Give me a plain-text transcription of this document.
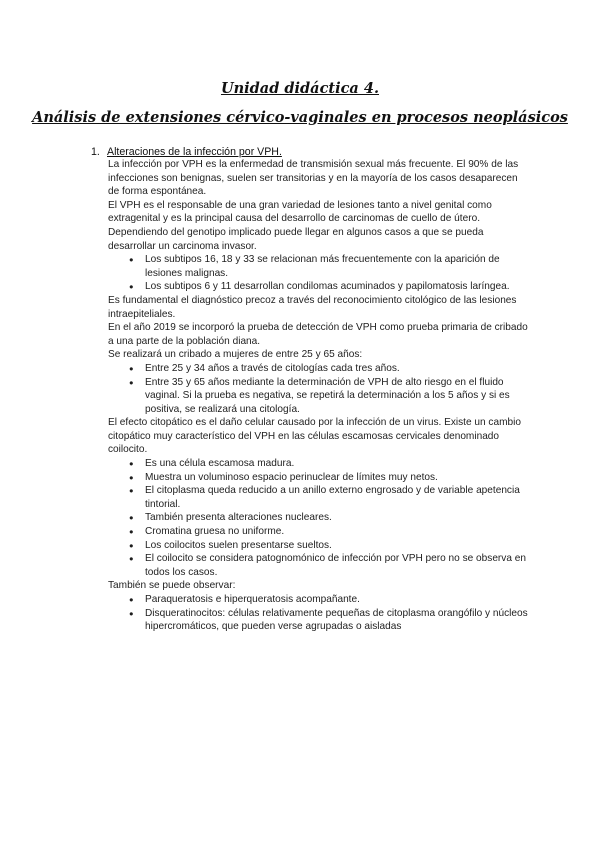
Unidad didáctica 4.
Análisis de extensiones cérvico-vaginales en procesos neoplásicos
1. Alteraciones de la infección por VPH.

La infección por VPH es la enfermedad de transmisión sexual más frecuente. El 90% de las infecciones son benignas, suelen ser transitorias y en la mayoría de los casos desaparecen de forma espontánea.

El VPH es el responsable de una gran variedad de lesiones tanto a nivel genital como extragenital y es la principal causa del desarrollo de carcinomas de cuello de útero.

Dependiendo del genotipo implicado puede llegar en algunos casos a que se pueda desarrollar un carcinoma invasor.

● Los subtipos 16, 18 y 33 se relacionan más frecuentemente con la aparición de lesiones malignas.
● Los subtipos 6 y 11 desarrollan condilomas acuminados y papilomatosis laríngea.

Es fundamental el diagnóstico precoz a través del reconocimiento citológico de las lesiones intraepiteliales.

En el año 2019 se incorporó la prueba de detección de VPH como prueba primaria de cribado a una parte de la población diana.

Se realizará un cribado a mujeres de entre 25 y 65 años:

● Entre 25 y 34 años a través de citologías cada tres años.
● Entre 35 y 65 años mediante la determinación de VPH de alto riesgo en el fluido vaginal. Si la prueba es negativa, se repetirá la determinación a los 5 años y si es positiva, se realizará una citología.

El efecto citopático es el daño celular causado por la infección de un virus. Existe un cambio citopático muy característico del VPH en las células escamosas cervicales denominado coilocito.

● Es una célula escamosa madura.
● Muestra un voluminoso espacio perinuclear de límites muy netos.
● El citoplasma queda reducido a un anillo externo engrosado y de variable apetencia tintorial.
● También presenta alteraciones nucleares.
● Cromatina gruesa no uniforme.
● Los coilocitos suelen presentarse sueltos.
● El coilocito se considera patognomónico de infección por VPH pero no se observa en todos los casos.

También se puede observar:

● Paraqueratosis e hiperqueratosis acompañante.
● Disqueratinocitos: células relativamente pequeñas de citoplasma orangófilo y núcleos hipercromáticos, que pueden verse agrupadas o aisladas
